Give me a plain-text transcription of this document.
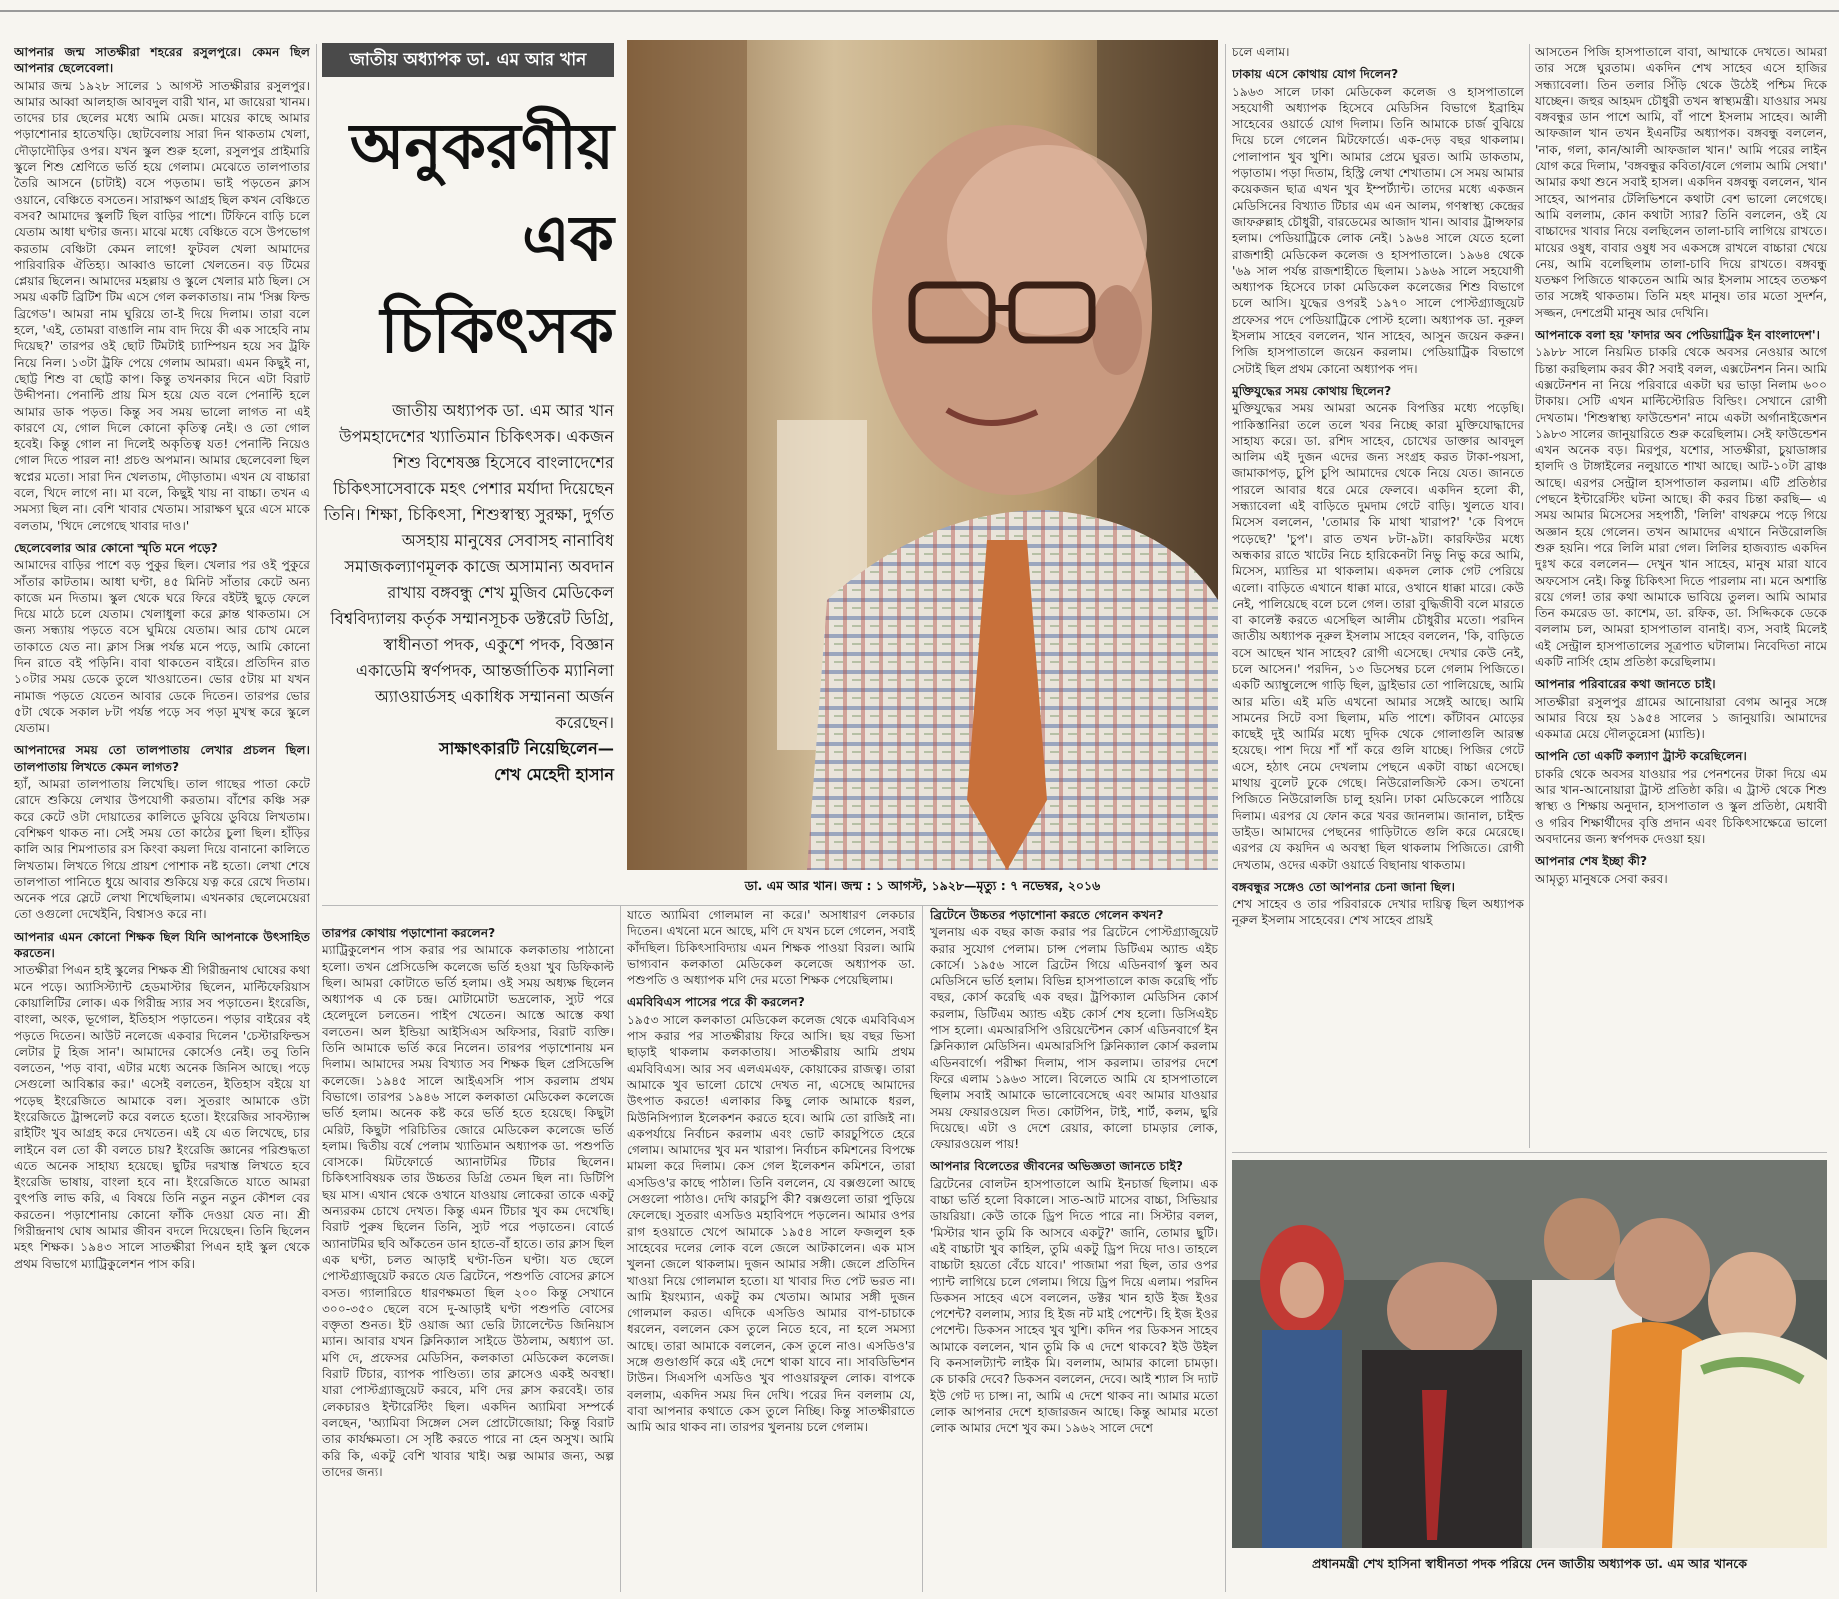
আপনার জন্ম সাতক্ষীরা শহরের রসুলপুরে। কেমন ছিল আপনার ছেলেবেলা।

আমার জন্ম ১৯২৮ সালের ১ আগস্ট সাতক্ষীরার রসুলপুর। আমার আব্বা আলহাজ আবদুল বারী খান, মা জায়েরা খানম। তাদের চার ছেলের মধ্যে আমি মেজ। মায়ের কাছে আমার পড়াশোনার হাতেখড়ি। ছোটবেলায় সারা দিন থাকতাম খেলা, দৌড়াদৌড়ির ওপর। যখন স্কুল শুরু হলো, রসুলপুর প্রাইমারি স্কুলে শিশু শ্রেণিতে ভর্তি হয়ে গেলাম। মেঝেতে তালপাতার তৈরি আসনে (চাটাই) বসে পড়তাম। ভাই পড়তেন ক্লাস ওয়ানে, বেঞ্চিতে বসতেন। সারাক্ষণ আগ্রহ ছিল কখন বেঞ্চিতে বসব? আমাদের স্কুলটি ছিল বাড়ির পাশে। টিফিনে বাড়ি চলে যেতাম আধা ঘণ্টার জন্য। মাঝে মধ্যে বেঞ্চিতে বসে উপভোগ করতাম বেঞ্চিটা কেমন লাগে! ফুটবল খেলা আমাদের পারিবারিক ঐতিহ্য। আব্বাও ভালো খেলতেন। বড় টিমের প্লেয়ার ছিলেন। আমাদের মহল্লায় ও স্কুলে খেলার মাঠ ছিল। সে সময় একটি ব্রিটিশ টিম এসে গেল কলকাতায়। নাম 'সিক্স ফিল্ড ব্রিগেড'। আমরা নাম ঘুরিয়ে তা-ই দিয়ে দিলাম। তারা বলে হলে, 'এই, তোমরা বাঙালি নাম বাদ দিয়ে কী এক সাহেবি নাম দিয়েছ?' তারপর ওই ছোট টিমটাই চ্যাম্পিয়ন হয়ে সব ট্রফি নিয়ে নিল। ১৩টা ট্রফি পেয়ে গেলাম আমরা। এমন কিছুই না, ছোট্ট শিশু বা ছোট্ট কাপ। কিন্তু তখনকার দিনে এটা বিরাট উদ্দীপনা। পেনাল্টি প্রায় মিস হয়ে যেত বলে পেনাল্টি হলে আমার ডাক পড়ত। কিন্তু সব সময় ভালো লাগত না এই কারণে যে, গোল দিলে কোনো কৃতিত্ব নেই। ও তো গোল হবেই। কিন্তু গোল না দিলেই অকৃতিত্ব যত! পেনাল্টি নিয়েও গোল দিতে পারল না! প্রচণ্ড অপমান। আমার ছেলেবেলা ছিল স্বপ্নের মতো। সারা দিন খেলতাম, দৌড়াতাম। এখন যে বাচ্চারা বলে, খিদে লাগে না। মা বলে, কিছুই খায় না বাচ্চা। তখন এ সমস্যা ছিল না। বেশি খাবার খেতাম। সারাক্ষণ ঘুরে এসে মাকে বলতাম, 'খিদে লেগেছে খাবার দাও।'

ছেলেবেলার আর কোনো স্মৃতি মনে পড়ে?

আমাদের বাড়ির পাশে বড় পুকুর ছিল। খেলার পর ওই পুকুরে সাঁতার কাটতাম। আধা ঘণ্টা, ৪৫ মিনিট সাঁতার কেটে অন্য কাজে মন দিতাম। স্কুল থেকে ঘরে ফিরে বইটই ছুড়ে ফেলে দিয়ে মাঠে চলে যেতাম। খেলাধুলা করে ক্লান্ত থাকতাম। সে জন্য সন্ধ্যায় পড়তে বসে ঘুমিয়ে যেতাম। আর চোখ মেলে তাকাতে যেত না। ক্লাস সিক্স পর্যন্ত মনে পড়ে, আমি কোনো দিন রাতে বই পড়িনি। বাবা থাকতেন বাইরে। প্রতিদিন রাত ১০টার সময় ডেকে তুলে খাওয়াতেন। ভোর ৫টায় মা যখন নামাজ পড়তে যেতেন আবার ডেকে দিতেন। তারপর ভোর ৫টা থেকে সকাল ৮টা পর্যন্ত পড়ে সব পড়া মুখস্থ করে স্কুলে যেতাম।

আপনাদের সময় তো তালপাতায় লেখার প্রচলন ছিল। তালপাতায় লিখতে কেমন লাগত?

হ্যাঁ, আমরা তালপাতায় লিখেছি। তাল গাছের পাতা কেটে রোদে শুকিয়ে লেখার উপযোগী করতাম। বাঁশের কঞ্চি সরু করে কেটে ওটা দোয়াতের কালিতে ডুবিয়ে ডুবিয়ে লিখতাম। বেশিক্ষণ থাকত না। সেই সময় তো কাঠের চুলা ছিল। হাঁড়ির কালি আর শিমপাতার রস কিংবা কয়লা দিয়ে বানানো কালিতে লিখতাম। লিখতে গিয়ে প্রায়শ পোশাক নষ্ট হতো। লেখা শেষে তালপাতা পানিতে ধুয়ে আবার শুকিয়ে যত্ন করে রেখে দিতাম। অনেক পরে স্লেটে লেখা শিখেছিলাম। এখনকার ছেলেমেয়েরা তো ওগুলো দেখেইনি, বিশ্বাসও করে না।

আপনার এমন কোনো শিক্ষক ছিল যিনি আপনাকে উৎসাহিত করতেন।

সাতক্ষীরা পিএন হাই স্কুলের শিক্ষক শ্রী গিরীন্দ্রনাথ ঘোষের কথা মনে পড়ে। অ্যাসিস্ট্যান্ট হেডমাস্টার ছিলেন, মাল্টিফেরিয়াস কোয়ালিটির লোক। এক গিরীন্দ্র স্যার সব পড়াতেন। ইংরেজি, বাংলা, অংক, ভূগোল, ইতিহাস পড়াতেন। পড়ার বাইরের বই পড়তে দিতেন। আউট নলেজে একবার দিলেন 'চেস্টারফিল্ডস লেটার টু হিজ সান'। আমাদের কোর্সেও নেই। তবু তিনি বলতেন, 'পড় বাবা, এটার মধ্যে অনেক জিনিস আছে। পড়ে সেগুলো আবিষ্কার কর।' এসেই বলতেন, ইতিহাস বইয়ে যা পড়েছ ইংরেজিতে আমাকে বল। সুতরাং আমাকে ওটা ইংরেজিতে ট্রান্সলেট করে বলতে হতো। ইংরেজির সাবস্ট্যান্স রাইটিং খুব আগ্রহ করে দেখতেন। এই যে এত লিখেছে, চার লাইনে বল তো কী বলতে চায়? ইংরেজি জ্ঞানের পরিশুদ্ধতা এতে অনেক সাহায্য হয়েছে। ছুটির দরখাস্ত লিখতে হবে ইংরেজি ভাষায়, বাংলা হবে না। ইংরেজিতে যাতে আমরা বুৎপত্তি লাভ করি, এ বিষয়ে তিনি নতুন নতুন কৌশল বের করতেন। পড়াশোনায় কোনো ফাঁকি দেওয়া যেত না। শ্রী গিরীন্দ্রনাথ ঘোষ আমার জীবন বদলে দিয়েছেন। তিনি ছিলেন মহৎ শিক্ষক। ১৯৪৩ সালে সাতক্ষীরা পিএন হাই স্কুল থেকে প্রথম বিভাগে ম্যাট্রিকুলেশন পাস করি।

জাতীয় অধ্যাপক ডা. এম আর খান
অনুকরণীয়
এক
চিকিৎসক
জাতীয় অধ্যাপক ডা. এম আর খান উপমহাদেশের খ্যাতিমান চিকিৎসক। একজন শিশু বিশেষজ্ঞ হিসেবে বাংলাদেশের চিকিৎসাসেবাকে মহৎ পেশার মর্যাদা দিয়েছেন তিনি। শিক্ষা, চিকিৎসা, শিশুস্বাস্থ্য সুরক্ষা, দুর্গত অসহায় মানুষের সেবাসহ নানাবিধ সমাজকল্যাণমূলক কাজে অসামান্য অবদান রাখায় বঙ্গবন্ধু শেখ মুজিব মেডিকেল বিশ্ববিদ্যালয় কর্তৃক সম্মানসূচক ডক্টরেট ডিগ্রি, স্বাধীনতা পদক, একুশে পদক, বিজ্ঞান একাডেমি স্বর্ণপদক, আন্তর্জাতিক ম্যানিলা অ্যাওয়ার্ডসহ একাধিক সম্মাননা অর্জন করেছেন।
সাক্ষাৎকারটি নিয়েছিলেন—
শেখ মেহেদী হাসান
ডা. এম আর খান। জন্ম : ১ আগস্ট, ১৯২৮—মৃত্যু : ৭ নভেম্বর, ২০১৬

তারপর কোথায় পড়াশোনা করলেন?

ম্যাট্রিকুলেশন পাস করার পর আমাকে কলকাতায় পাঠানো হলো। তখন প্রেসিডেন্সি কলেজে ভর্তি হওয়া খুব ডিফিকাল্ট ছিল। আমরা কোটাতে ভর্তি হলাম। ওই সময় অধ্যক্ষ ছিলেন অধ্যাপক এ কে চন্দ্র। মোটামোটা ভদ্রলোক, স্যুট পরে হেলেদুলে চলতেন। পাইপ খেতেন। আস্তে আস্তে কথা বলতেন। অল ইন্ডিয়া আইসিএস অফিসার, বিরাট ব্যক্তি। তিনি আমাকে ভর্তি করে নিলেন। তারপর পড়াশোনায় মন দিলাম। আমাদের সময় বিখ্যাত সব শিক্ষক ছিল প্রেসিডেন্সি কলেজে। ১৯৪৫ সালে আইএসসি পাস করলাম প্রথম বিভাগে। তারপর ১৯৪৬ সালে কলকাতা মেডিকেল কলেজে ভর্তি হলাম। অনেক কষ্ট করে ভর্তি হতে হয়েছে। কিছুটা মেরিট, কিছুটা পরিচিতির জোরে মেডিকেল কলেজে ভর্তি হলাম। দ্বিতীয় বর্ষে পেলাম খ্যাতিমান অধ্যাপক ডা. পশুপতি বোসকে। মিটফোর্ডে অ্যানাটমির টিচার ছিলেন। চিকিৎসাবিষয়ক তার উচ্চতর ডিগ্রি তেমন ছিল না। ডিটিপি ছয় মাস। এখান থেকে ওখানে যাওয়ায় লোকেরা তাকে একটু অন্যরকম চোখে দেখত। কিন্তু এমন টিচার খুব কম দেখেছি। বিরাট পুরুষ ছিলেন তিনি, স্যুট পরে পড়াতেন। বোর্ডে অ্যানাটমির ছবি আঁকতেন ডান হাতে-বাঁ হাতে। তার ক্লাস ছিল এক ঘণ্টা, চলত আড়াই ঘণ্টা-তিন ঘণ্টা। যত ছেলে পোস্টগ্র্যাজুয়েট করতে যেত ব্রিটেনে, পশুপতি বোসের ক্লাসে বসত। গ্যালারিতে ধারণক্ষমতা ছিল ২০০ কিন্তু সেখানে ৩০০-৩৫০ ছেলে বসে দু-আড়াই ঘণ্টা পশুপতি বোসের বক্তৃতা শুনত। ইট ওয়াজ অ্যা ভেরি ট্যালেন্টেড জিনিয়াস ম্যান। আবার যখন ক্লিনিক্যাল সাইডে উঠলাম, অধ্যাপ ডা. মণি দে, প্রফেসর মেডিসিন, কলকাতা মেডিকেল কলেজ। বিরাট টিচার, ব্যাপক পাণ্ডিত্য। তার ক্লাসেও একই অবস্থা। যারা পোস্টগ্র্যাজুয়েট করবে, মণি দের ক্লাস করবেই। তার লেকচারও ইন্টারেস্টিং ছিল। একদিন অ্যামিবা সম্পর্কে বলছেন, 'অ্যামিবা সিঙ্গেল সেল প্রোটোজোয়া; কিন্তু বিরাট তার কার্যক্ষমতা। সে সৃষ্টি করতে পারে না হেন অসুখ। আমি করি কি, একটু বেশি খাবার খাই। অল্প আমার জন্য, অল্প তাদের জন্য।

যাতে অ্যামিবা গোলমাল না করে।' অসাধারণ লেকচার দিতেন। এখনো মনে আছে, মণি দে যখন চলে গেলেন, সবাই কাঁদছিল। চিকিৎসাবিদ্যায় এমন শিক্ষক পাওয়া বিরল। আমি ভাগ্যবান কলকাতা মেডিকেল কলেজে অধ্যাপক ডা. পশুপতি ও অধ্যাপক মণি দের মতো শিক্ষক পেয়েছিলাম।

এমবিবিএস পাসের পরে কী করলেন?

১৯৫৩ সালে কলকাতা মেডিকেল কলেজ থেকে এমবিবিএস পাস করার পর সাতক্ষীরায় ফিরে আসি। ছয় বছর ভিসা ছাড়াই থাকলাম কলকাতায়। সাতক্ষীরায় আমি প্রথম এমবিবিএস। আর সব এলএমএফ, কোয়াকের রাজত্ব। তারা আমাকে খুব ভালো চোখে দেখত না, এসেছে আমাদের উৎপাত করতে! এলাকার কিছু লোক আমাকে ধরল, মিউনিসিপ্যাল ইলেকশন করতে হবে। আমি তো রাজিই না। একপর্যায়ে নির্বাচন করলাম এবং ভোট কারচুপিতে হেরে গেলাম। আমাদের খুব মন খারাপ। নির্বাচন কমিশনের বিপক্ষে মামলা করে দিলাম। কেস গেল ইলেকশন কমিশনে, তারা এসডিও'র কাছে পাঠাল। তিনি বললেন, যে বক্সগুলো আছে সেগুলো পাঠাও। দেখি কারচুপি কী? বক্সগুলো তারা পুড়িয়ে ফেলেছে। সুতরাং এসডিও মহাবিপদে পড়লেন। আমার ওপর রাগ হওয়াতে খেপে আমাকে ১৯৫৪ সালে ফজলুল হক সাহেবের দলের লোক বলে জেলে আটকালেন। এক মাস খুলনা জেলে থাকলাম। দুজন আমার সঙ্গী। জেলে প্রতিদিন খাওয়া নিয়ে গোলমাল হতো। যা খাবার দিত পেট ভরত না। আমি ইয়ংম্যান, একটু কম খেতাম। আমার সঙ্গী দুজন গোলমাল করত। এদিকে এসডিও আমার বাপ-চাচাকে ধরলেন, বললেন কেস তুলে নিতে হবে, না হলে সমস্যা আছে। তারা আমাকে বললেন, কেস তুলে নাও। এসডিও'র সঙ্গে গুণ্ডাগুর্দি করে এই দেশে থাকা যাবে না। সাবডিভিশন টাউন। সিএসপি এসডিও খুব পাওয়ারফুল লোক। বাপকে বললাম, একদিন সময় দিন দেখি। পরের দিন বললাম যে, বাবা আপনার কথাতে কেস তুলে নিচ্ছি। কিন্তু সাতক্ষীরাতে আমি আর থাকব না। তারপর খুলনায় চলে গেলাম।

ব্রিটেনে উচ্চতর পড়াশোনা করতে গেলেন কখন?

খুলনায় এক বছর কাজ করার পর ব্রিটেনে পোস্টগ্র্যাজুয়েট করার সুযোগ পেলাম। চান্স পেলাম ডিটিএম অ্যান্ড এইচ কোর্সে। ১৯৫৬ সালে ব্রিটেন গিয়ে এডিনবার্গ স্কুল অব মেডিসিনে ভর্তি হলাম। বিভিন্ন হাসপাতালে কাজ করেছি পাঁচ বছর, কোর্স করেছি এক বছর। ট্রপিক্যাল মেডিসিন কোর্স করলাম, ডিটিএম অ্যান্ড এইচ কোর্স শেষ হলো। ডিসিএইচ পাস হলো। এমআরসিপি ওরিয়েন্টেশন কোর্স এডিনবার্গে ইন ক্লিনিক্যাল মেডিসিন। এমআরসিপি ক্লিনিক্যাল কোর্স করলাম এডিনবার্গে। পরীক্ষা দিলাম, পাস করলাম। তারপর দেশে ফিরে এলাম ১৯৬৩ সালে। বিলেতে আমি যে হাসপাতালে ছিলাম সবাই আমাকে ভালোবেসেছে এবং আমার যাওয়ার সময় ফেয়ারওয়েল দিত। কোটপিন, টাই, শার্ট, কলম, ছুরি দিয়েছে। এটা ও দেশে রেয়ার, কালো চামড়ার লোক, ফেয়ারওয়েল পায়!

আপনার বিলেতের জীবনের অভিজ্ঞতা জানতে চাই?

ব্রিটেনের বোলটন হাসপাতালে আমি ইনচার্জ ছিলাম। এক বাচ্চা ভর্তি হলো বিকালে। সাত-আট মাসের বাচ্চা, সিভিয়ার ডায়রিয়া। কেউ তাকে ড্রিপ দিতে পারে না। সিস্টার বলল, 'মিস্টার খান তুমি কি আসবে একটু?' জানি, তোমার ছুটি। এই বাচ্চাটা খুব কাহিল, তুমি একটু ড্রিপ দিয়ে দাও। তাহলে বাচ্চাটা হয়তো বেঁচে যাবে।' পাজামা পরা ছিল, তার ওপর প্যান্ট লাগিয়ে চলে গেলাম। গিয়ে ড্রিপ দিয়ে এলাম। পরদিন ডিকসন সাহেব এসে বললেন, ডক্টর খান হাউ ইজ ইওর পেশেন্ট? বললাম, স্যার হি ইজ নট মাই পেশেন্ট। হি ইজ ইওর পেশেন্ট। ডিকসন সাহেব খুব খুশি। কদিন পর ডিকসন সাহেব আমাকে বললেন, খান তুমি কি এ দেশে থাকবে? ইউ উইল বি কনসালট্যান্ট লাইক মি। বললাম, আমার কালো চামড়া। কে চাকরি দেবে? ডিকসন বললেন, দেবে। আই শ্যাল সি দ্যাট ইউ গেট দ্য চান্স। না, আমি এ দেশে থাকব না। আমার মতো লোক আপনার দেশে হাজারজন আছে। কিন্তু আমার মতো লোক আমার দেশে খুব কম। ১৯৬২ সালে দেশে

চলে এলাম।

ঢাকায় এসে কোথায় যোগ দিলেন?

১৯৬৩ সালে ঢাকা মেডিকেল কলেজ ও হাসপাতালে সহযোগী অধ্যাপক হিসেবে মেডিসিন বিভাগে ইব্রাহিম সাহেবের ওয়ার্ডে যোগ দিলাম। তিনি আমাকে চার্জ বুঝিয়ে দিয়ে চলে গেলেন মিটফোর্ডে। এক-দেড় বছর থাকলাম। পোলাপান খুব খুশি। আমার প্রেমে ঘুরত। আমি ডাকতাম, পড়াতাম। পড়া দিতাম, হিস্ট্রি লেখা শেখাতাম। সে সময় আমার কয়েকজন ছাত্র এখন খুব ইম্পর্ট্যান্ট। তাদের মধ্যে একজন মেডিসিনের বিখ্যাত টিচার এম এন আলম, গণস্বাস্থ্য কেন্দ্রের জাফরুল্লাহ চৌধুরী, বারডেমের আজাদ খান। আবার ট্রান্সফার হলাম। পেডিয়াট্রিকে লোক নেই। ১৯৬৪ সালে যেতে হলো রাজশাহী মেডিকেল কলেজ ও হাসপাতালে। ১৯৬৪ থেকে '৬৯ সাল পর্যন্ত রাজশাহীতে ছিলাম। ১৯৬৯ সালে সহযোগী অধ্যাপক হিসেবে ঢাকা মেডিকেল কলেজের শিশু বিভাগে চলে আসি। যুদ্ধের ওপরই ১৯৭০ সালে পোস্টগ্র্যাজুয়েট প্রফেসর পদে পেডিয়াট্রিকে পোস্ট হলো। অধ্যাপক ডা. নূরুল ইসলাম সাহেব বললেন, খান সাহেব, আসুন জয়েন করুন। পিজি হাসপাতালে জয়েন করলাম। পেডিয়াট্রিক বিভাগে সেটাই ছিল প্রথম কোনো অধ্যাপক পদ।

মুক্তিযুদ্ধের সময় কোথায় ছিলেন?

মুক্তিযুদ্ধের সময় আমরা অনেক বিপত্তির মধ্যে পড়েছি। পাকিস্তানিরা তলে তলে খবর নিচ্ছে কারা মুক্তিযোদ্ধাদের সাহায্য করে। ডা. রশিদ সাহেব, চোখের ডাক্তার আবদুল আলিম এই দুজন এদের জন্য সংগ্রহ করত টাকা-পয়সা, জামাকাপড়, চুপি চুপি আমাদের থেকে নিয়ে যেত। জানতে পারলে আবার ধরে মেরে ফেলবে। একদিন হলো কী, সন্ধ্যাবেলা এই বাড়িতে দুমদাম গেটে বাড়ি। খুলতে যাব। মিসেস বললেন, 'তোমার কি মাথা খারাপ?' 'কে বিপদে পড়েছে?' 'চুপ'। রাত তখন ৮টা-৯টা। কারফিউর মধ্যে অন্ধকার রাতে খাটের নিচে হারিকেনটা নিভু নিভু করে আমি, মিসেস, ম্যান্ডির মা থাকলাম। একদল লোক গেট পেরিয়ে এলো। বাড়িতে এখানে ধাক্কা মারে, ওখানে ধাক্কা মারে। কেউ নেই, পালিয়েছে বলে চলে গেল। তারা বুদ্ধিজীবী বলে মারতে বা কালেক্ট করতে এসেছিল আলীম চৌধুরীর মতো। পরদিন জাতীয় অধ্যাপক নূরুল ইসলাম সাহেব বললেন, 'কি, বাড়িতে বসে আছেন খান সাহেব? রোগী এসেছে। দেখার কেউ নেই, চলে আসেন।' পরদিন, ১৩ ডিসেম্বর চলে গেলাম পিজিতে। একটি অ্যাম্বুলেন্সে গাড়ি ছিল, ড্রাইভার তো পালিয়েছে, আমি আর মতি। এই মতি এখনো আমার সঙ্গেই আছে। আমি সামনের সিটে বসা ছিলাম, মতি পাশে। কাঁটাবন মোড়ের কাছেই দুই আর্মির মধ্যে দুদিক থেকে গোলাগুলি আরম্ভ হয়েছে। পাশ দিয়ে শাঁ শাঁ করে গুলি যাচ্ছে। পিজির গেটে এসে, হঠাৎ নেমে দেখলাম পেছনে একটা বাচ্চা এসেছে। মাথায় বুলেট ঢুকে গেছে। নিউরোলজিস্ট কেস। তখনো পিজিতে নিউরোলজি চালু হয়নি। ঢাকা মেডিকেলে পাঠিয়ে দিলাম। এরপর যে ফোন করে খবর জানলাম। জানাল, চাইল্ড ডাইড। আমাদের পেছনের গাড়িটাতে গুলি করে মেরেছে। এরপর যে কয়দিন এ অবস্থা ছিল থাকলাম পিজিতে। রোগী দেখতাম, ওদের একটা ওয়ার্ডে বিছানায় থাকতাম।

বঙ্গবন্ধুর সঙ্গেও তো আপনার চেনা জানা ছিল।

শেখ সাহেব ও তার পরিবারকে দেখার দায়িত্ব ছিল অধ্যাপক নূরুল ইসলাম সাহেবের। শেখ সাহেব প্রায়ই

আসতেন পিজি হাসপাতালে বাবা, আম্মাকে দেখতে। আমরা তার সঙ্গে ঘুরতাম। একদিন শেখ সাহেব এসে হাজির সন্ধ্যাবেলা। তিন তলার সিঁড়ি থেকে উঠেই পশ্চিম দিকে যাচ্ছেন। জহুর আহমদ চৌধুরী তখন স্বাস্থ্যমন্ত্রী। যাওয়ার সময় বঙ্গবন্ধুর ডান পাশে আমি, বাঁ পাশে ইসলাম সাহেব। আলী আফজাল খান তখন ইএনটির অধ্যাপক। বঙ্গবন্ধু বললেন, 'নাক, গলা, কান/আলী আফজাল খান।' আমি পরের লাইন যোগ করে দিলাম, 'বঙ্গবন্ধুর কবিতা/বলে গেলাম আমি সেথা।' আমার কথা শুনে সবাই হাসল। একদিন বঙ্গবন্ধু বললেন, খান সাহেব, আপনার টেলিভিশনে কথাটা বেশ ভালো লেগেছে। আমি বললাম, কোন কথাটা স্যার? তিনি বললেন, ওই যে বাচ্চাদের খাবার নিয়ে বলছিলেন তালা-চাবি লাগিয়ে রাখতে। মায়ের ওষুধ, বাবার ওষুধ সব একসঙ্গে রাখলে বাচ্চারা খেয়ে নেয়, আমি বলেছিলাম তালা-চাবি দিয়ে রাখতে। বঙ্গবন্ধু যতক্ষণ পিজিতে থাকতেন আমি আর ইসলাম সাহেব ততক্ষণ তার সঙ্গেই থাকতাম। তিনি মহৎ মানুষ। তার মতো সুদর্শন, সজ্জন, দেশপ্রেমী মানুষ আর দেখিনি।

আপনাকে বলা হয় 'ফাদার অব পেডিয়াট্রিক ইন বাংলাদেশ'।

১৯৮৮ সালে নিয়মিত চাকরি থেকে অবসর নেওয়ার আগে চিন্তা করছিলাম করব কী? সবাই বলল, এক্সটেনশন নিন। আমি এক্সটেনশন না নিয়ে পরিবারে একটা ঘর ভাড়া নিলাম ৬০০ টাকায়। সেটি এখন মাল্টিস্টোরিড বিল্ডিং। সেখানে রোগী দেখতাম। 'শিশুস্বাস্থ্য ফাউন্ডেশন' নামে একটা অর্গানাইজেশন ১৯৮৩ সালের জানুয়ারিতে শুরু করেছিলাম। সেই ফাউন্ডেশন এখন অনেক বড়। মিরপুর, যশোর, সাতক্ষীরা, চুয়াডাঙ্গার হালদি ও টাঙ্গাইলের নলুয়াতে শাখা আছে। আট-১০টা ব্রাঞ্চ আছে। এরপর সেন্ট্রাল হাসপাতাল করলাম। এটি প্রতিষ্ঠার পেছনে ইন্টারেস্টিং ঘটনা আছে। কী করব চিন্তা করছি— এ সময় আমার মিসেসের সহপাঠী, 'লিলি' বাথরুমে পড়ে গিয়ে অজ্ঞান হয়ে গেলেন। তখন আমাদের এখানে নিউরোলজি শুরু হয়নি। পরে লিলি মারা গেল। লিলির হাজব্যান্ড একদিন দুঃখ করে বললেন— দেখুন খান সাহেব, মানুষ মারা যাবে অফসোস নেই। কিন্তু চিকিৎসা দিতে পারলাম না। মনে অশান্তি রয়ে গেল! তার কথা আমাকে ভাবিয়ে তুলল। আমি আমার তিন কমরেড ডা. কাশেম, ডা. রফিক, ডা. সিদ্দিককে ডেকে বললাম চল, আমরা হাসপাতাল বানাই। ব্যস, সবাই মিলেই এই সেন্ট্রাল হাসপাতালের সূত্রপাত ঘটালাম। নিবেদিতা নামে একটি নার্সিং হোম প্রতিষ্ঠা করেছিলাম।

আপনার পরিবারের কথা জানতে চাই।

সাতক্ষীরা রসুলপুর গ্রামের আনোয়ারা বেগম আনুর সঙ্গে আমার বিয়ে হয় ১৯৫৪ সালের ১ জানুয়ারি। আমাদের একমাত্র মেয়ে দৌলতুন্নেসা (ম্যান্ডি)।

আপনি তো একটি কল্যাণ ট্রাস্ট করেছিলেন।

চাকরি থেকে অবসর যাওয়ার পর পেনশনের টাকা দিয়ে এম আর খান-আনোয়ারা ট্রাস্ট প্রতিষ্ঠা করি। এ ট্রাস্ট থেকে শিশু স্বাস্থ্য ও শিক্ষায় অনুদান, হাসপাতাল ও স্কুল প্রতিষ্ঠা, মেধাবী ও গরিব শিক্ষার্থীদের বৃত্তি প্রদান এবং চিকিৎসাক্ষেত্রে ভালো অবদানের জন্য স্বর্ণপদক দেওয়া হয়।

আপনার শেষ ইচ্ছা কী?

আমৃত্যু মানুষকে সেবা করব।

প্রধানমন্ত্রী শেখ হাসিনা স্বাধীনতা পদক পরিয়ে দেন জাতীয় অধ্যাপক ডা. এম আর খানকে
